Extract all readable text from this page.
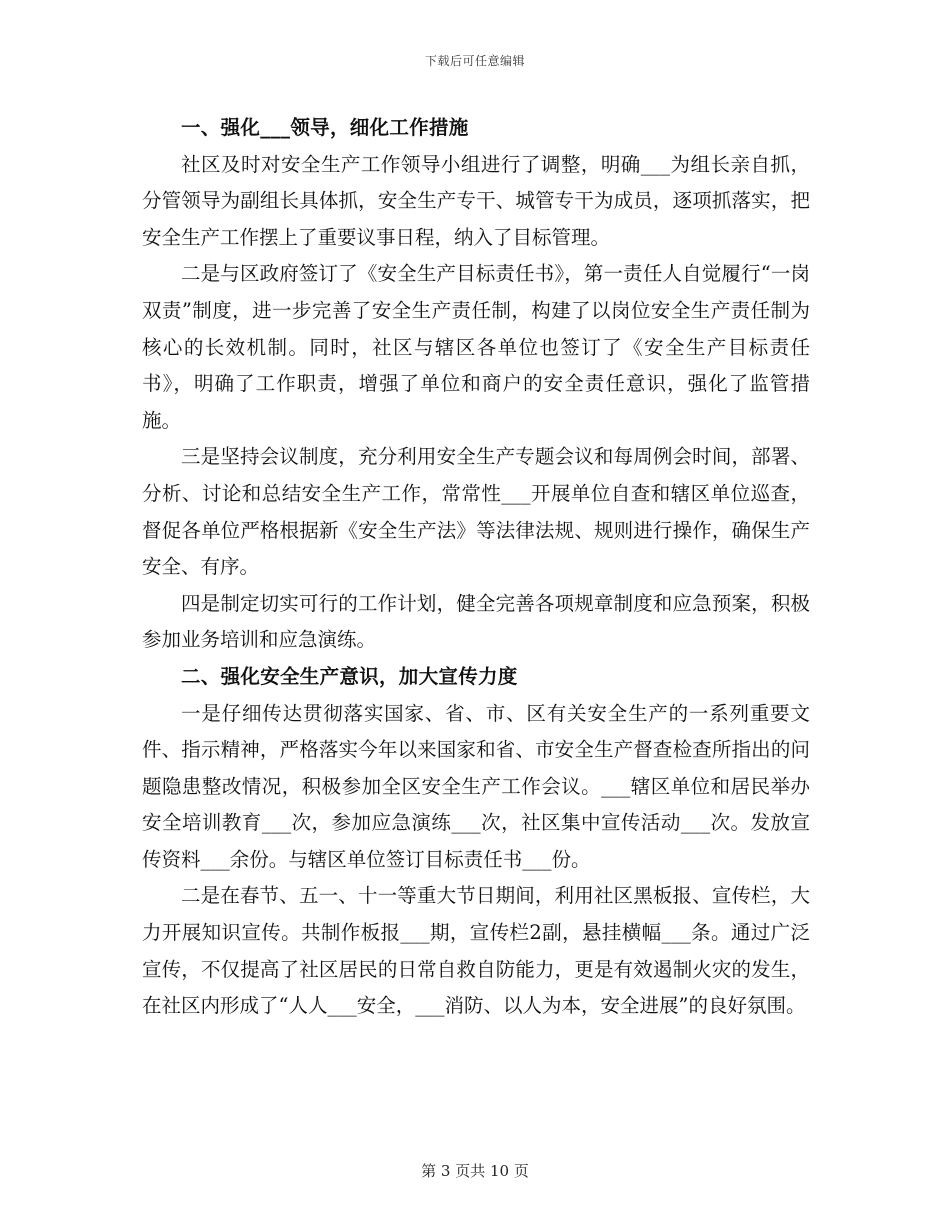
下载后可任意编辑

一、强化___领导，细化工作措施

社区及时对安全生产工作领导小组进行了调整，明确___为组长亲自抓，分管领导为副组长具体抓，安全生产专干、城管专干为成员，逐项抓落实，把安全生产工作摆上了重要议事日程，纳入了目标管理。

二是与区政府签订了《安全生产目标责任书》，第一责任人自觉履行“一岗双责”制度，进一步完善了安全生产责任制，构建了以岗位安全生产责任制为核心的长效机制。同时，社区与辖区各单位也签订了《安全生产目标责任书》，明确了工作职责，增强了单位和商户的安全责任意识，强化了监管措施。

三是坚持会议制度，充分利用安全生产专题会议和每周例会时间，部署、分析、讨论和总结安全生产工作，常常性___开展单位自查和辖区单位巡查，督促各单位严格根据新《安全生产法》等法律法规、规则进行操作，确保生产安全、有序。

四是制定切实可行的工作计划，健全完善各项规章制度和应急预案，积极参加业务培训和应急演练。

二、强化安全生产意识，加大宣传力度

一是仔细传达贯彻落实国家、省、市、区有关安全生产的一系列重要文件、指示精神，严格落实今年以来国家和省、市安全生产督查检查所指出的问题隐患整改情况，积极参加全区安全生产工作会议。___辖区单位和居民举办安全培训教育___次，参加应急演练___次，社区集中宣传活动___次。发放宣传资料___余份。与辖区单位签订目标责任书___份。

二是在春节、五一、十一等重大节日期间，利用社区黑板报、宣传栏，大力开展知识宣传。共制作板报___期，宣传栏2副，悬挂横幅___条。通过广泛宣传，不仅提高了社区居民的日常自救自防能力，更是有效遏制火灾的发生，在社区内形成了“人人___安全，___消防、以人为本，安全进展”的良好氛围。

第 3 页共 10 页
